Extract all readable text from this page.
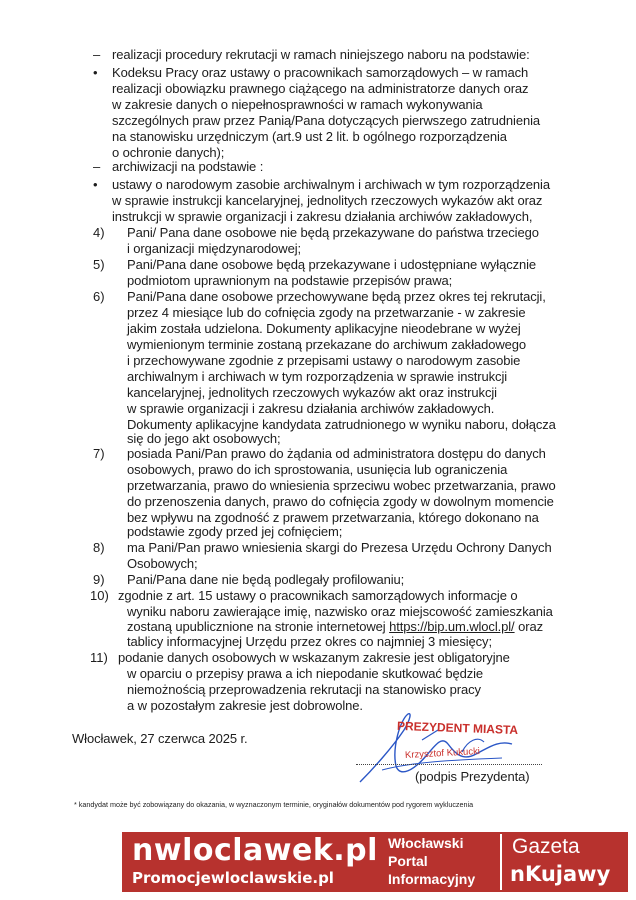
–
•
–
•
4)
5)
6)
7)
8)
9)
10)
11)
realizacji procedury rekrutacji w ramach niniejszego naboru na podstawie:
Kodeksu Pracy oraz ustawy o pracownikach samorządowych – w ramach
realizacji obowiązku prawnego ciążącego na administratorze danych oraz
w zakresie danych o niepełnosprawności w ramach wykonywania
szczególnych praw przez Panią/Pana dotyczących pierwszego zatrudnienia
na stanowisku urzędniczym (art.9 ust 2 lit. b ogólnego rozporządzenia
o ochronie danych);
archiwizacji na podstawie :
ustawy o narodowym zasobie archiwalnym i archiwach w tym rozporządzenia
w sprawie instrukcji kancelaryjnej, jednolitych rzeczowych wykazów akt oraz
instrukcji w sprawie organizacji i zakresu działania archiwów zakładowych,
Pani/ Pana dane osobowe nie będą przekazywane do państwa trzeciego
i organizacji międzynarodowej;
Pani/Pana dane osobowe będą przekazywane i udostępniane wyłącznie
podmiotom uprawnionym na podstawie przepisów prawa;
Pani/Pana dane osobowe przechowywane będą przez okres tej rekrutacji,
przez 4 miesiące lub do cofnięcia zgody na przetwarzanie - w zakresie
jakim została udzielona. Dokumenty aplikacyjne nieodebrane w wyżej
wymienionym terminie zostaną przekazane do archiwum zakładowego
i przechowywane zgodnie z przepisami ustawy o narodowym zasobie
archiwalnym i archiwach w tym rozporządzenia w sprawie instrukcji
kancelaryjnej, jednolitych rzeczowych wykazów akt oraz instrukcji
w sprawie organizacji i zakresu działania archiwów zakładowych.
Dokumenty aplikacyjne kandydata zatrudnionego w wyniku naboru, dołącza
się do jego akt osobowych;
posiada Pani/Pan prawo do żądania od administratora dostępu do danych
osobowych, prawo do ich sprostowania, usunięcia lub ograniczenia
przetwarzania, prawo do wniesienia sprzeciwu wobec przetwarzania, prawo
do przenoszenia danych, prawo do cofnięcia zgody w dowolnym momencie
bez wpływu na zgodność z prawem przetwarzania, którego dokonano na
podstawie zgody przed jej cofnięciem;
ma Pani/Pan prawo wniesienia skargi do Prezesa Urzędu Ochrony Danych
Osobowych;
Pani/Pana dane nie będą podlegały profilowaniu;
zgodnie z art. 15 ustawy o pracownikach samorządowych informacje o
wyniku naboru zawierające imię, nazwisko oraz miejscowość zamieszkania
zostaną upublicznione na stronie internetowej https://bip.um.wlocl.pl/ oraz
tablicy informacyjnej Urzędu przez okres co najmniej 3 miesięcy;
podanie danych osobowych w wskazanym zakresie jest obligatoryjne
w oparciu o przepisy prawa a ich niepodanie skutkować będzie
niemożnością przeprowadzenia rekrutacji na stanowisko pracy
a w pozostałym zakresie jest dobrowolne.
Włocławek, 27 czerwca 2025 r.
PREZYDENT MIASTA
Krzysztof Kukucki
(podpis Prezydenta)
* kandydat może być zobowiązany do okazania, w wyznaczonym terminie, oryginałów dokumentów pod rygorem wykluczenia
nwloclawek.pl
Promocjewloclawskie.pl
Włocławski
Portal
Informacyjny
Gazeta
nKujawy
